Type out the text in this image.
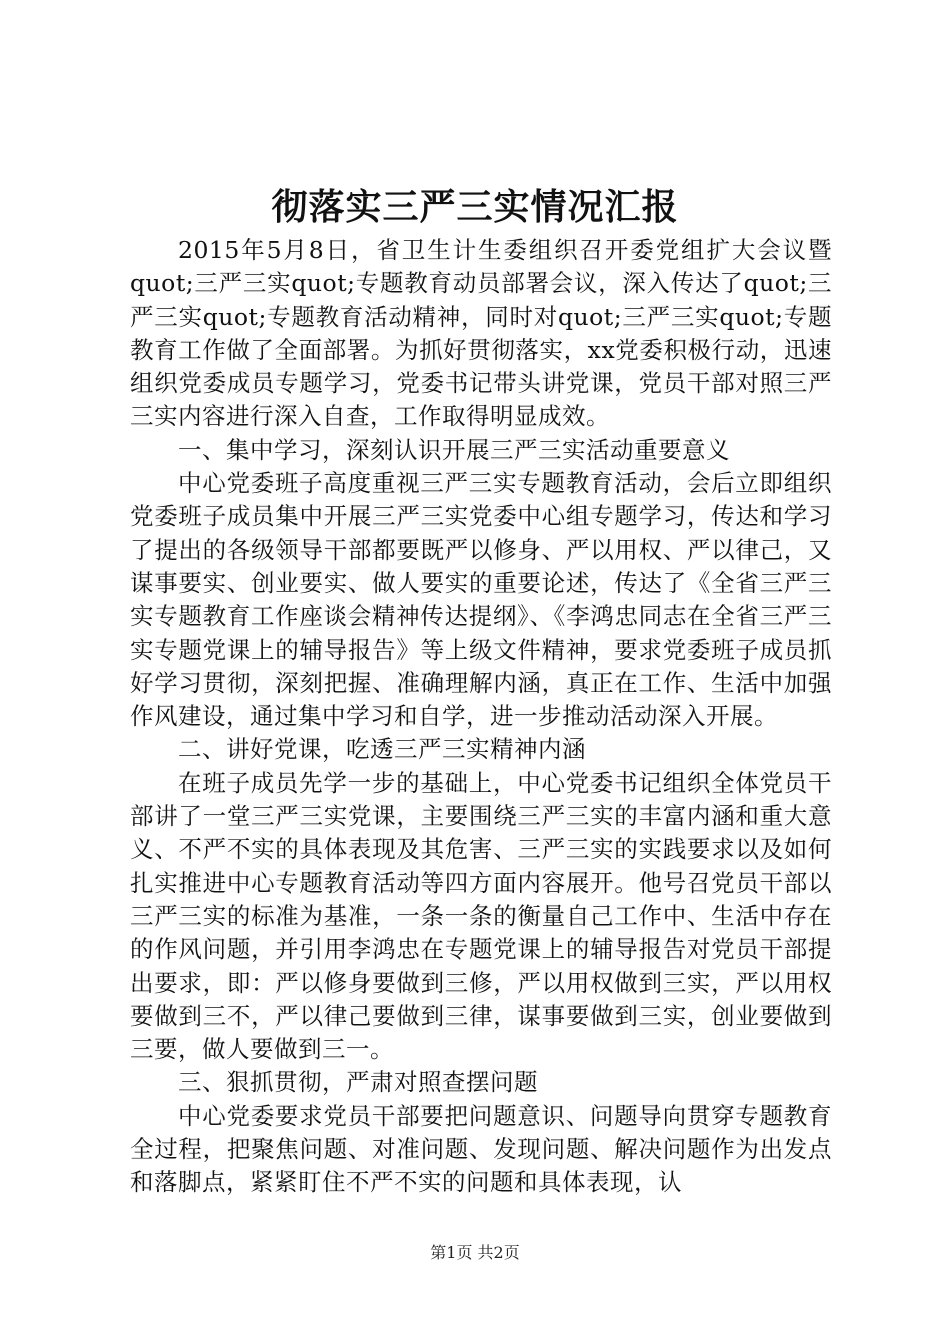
彻落实三严三实情况汇报

2015年5月8日，省卫生计生委组织召开委党组扩大会议暨quot;三严三实quot;专题教育动员部署会议，深入传达了quot;三严三实quot;专题教育活动精神，同时对quot;三严三实quot;专题教育工作做了全面部署。为抓好贯彻落实，xx党委积极行动，迅速组织党委成员专题学习，党委书记带头讲党课，党员干部对照三严三实内容进行深入自查，工作取得明显成效。

一、集中学习，深刻认识开展三严三实活动重要意义

中心党委班子高度重视三严三实专题教育活动，会后立即组织党委班子成员集中开展三严三实党委中心组专题学习，传达和学习了提出的各级领导干部都要既严以修身、严以用权、严以律己，又谋事要实、创业要实、做人要实的重要论述，传达了《全省三严三实专题教育工作座谈会精神传达提纲》、《李鸿忠同志在全省三严三实专题党课上的辅导报告》等上级文件精神，要求党委班子成员抓好学习贯彻，深刻把握、准确理解内涵，真正在工作、生活中加强作风建设，通过集中学习和自学，进一步推动活动深入开展。

二、讲好党课，吃透三严三实精神内涵

在班子成员先学一步的基础上，中心党委书记组织全体党员干部讲了一堂三严三实党课，主要围绕三严三实的丰富内涵和重大意义、不严不实的具体表现及其危害、三严三实的实践要求以及如何扎实推进中心专题教育活动等四方面内容展开。他号召党员干部以三严三实的标准为基准，一条一条的衡量自己工作中、生活中存在的作风问题，并引用李鸿忠在专题党课上的辅导报告对党员干部提出要求，即：严以修身要做到三修，严以用权做到三实，严以用权要做到三不，严以律己要做到三律，谋事要做到三实，创业要做到三要，做人要做到三一。

三、狠抓贯彻，严肃对照查摆问题

中心党委要求党员干部要把问题意识、问题导向贯穿专题教育全过程，把聚焦问题、对准问题、发现问题、解决问题作为出发点和落脚点，紧紧盯住不严不实的问题和具体表现，认

第1页 共2页
